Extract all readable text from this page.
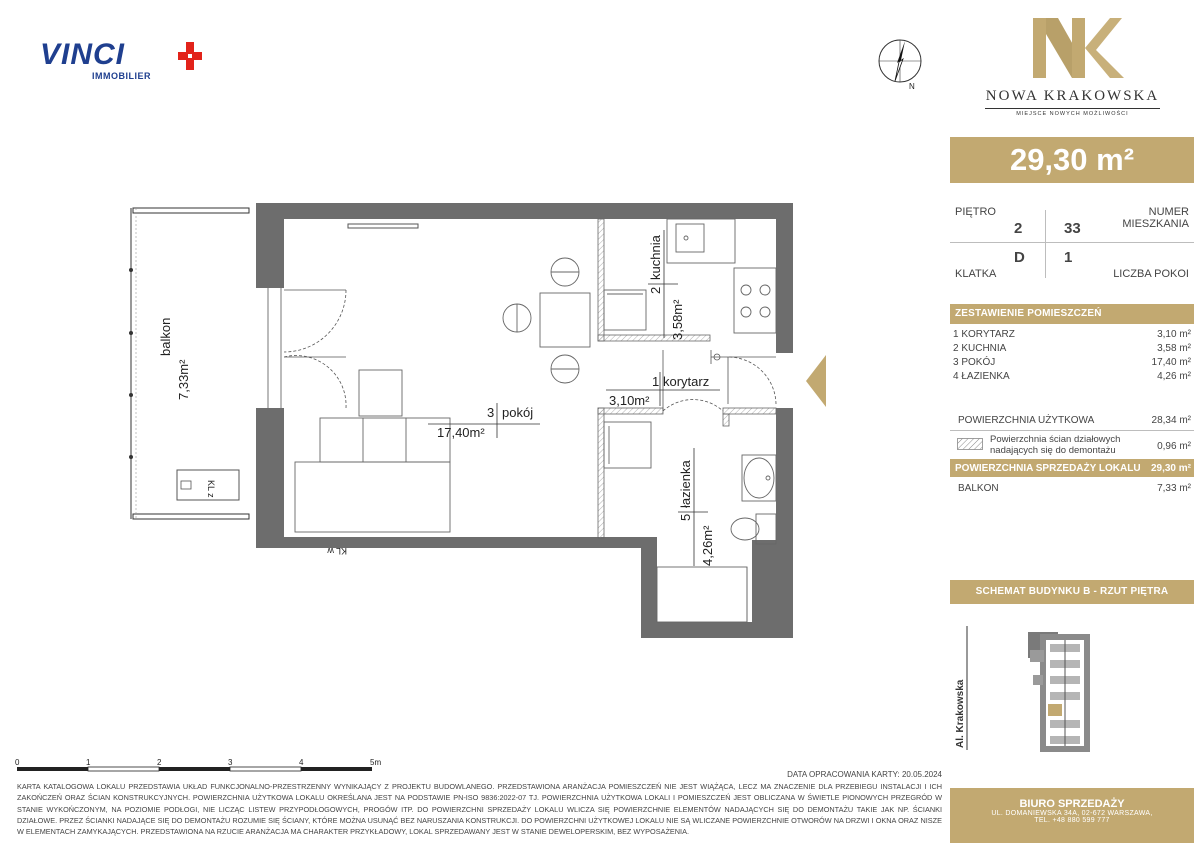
VINCI
IMMOBILIER
N
NOWA KRAKOWSKA
MIEJSCE NOWYCH MOŻLIWOŚCI
29,30 m²
PIĘTRO	NUMER MIESZKANIA
2	33
D	1
KLATKA	LICZBA POKOI
ZESTAWIENIE POMIESZCZEŃ
1 KORYTARZ	3,10 m²
2 KUCHNIA	3,58 m²
3 POKÓJ	17,40 m²
4 ŁAZIENKA	4,26 m²
POWIERZCHNIA UŻYTKOWA	28,34 m²
Powierzchnia ścian działowych
nadających się do demontażu	0,96 m²
POWIERZCHNIA SPRZEDAŻY LOKALU 29,30 m²
BALKON	7,33 m²
SCHEMAT BUDYNKU B - RZUT PIĘTRA
Al. Krakowska
KL z
balkon
7,33m²
KL w
3 pokój
17,40m²
1 korytarz
3,10m²
2
kuchnia
3,58m²
5
łazienka
4,26m²
0	1	2	3	4	5m
DATA OPRACOWANIA KARTY: 20.05.2024
KARTA KATALOGOWA LOKALU PRZEDSTAWIA UKŁAD FUNKCJONALNO-PRZESTRZENNY WYNIKAJĄCY Z PROJEKTU BUDOWLANEGO. PRZEDSTAWIONA ARANŻACJA POMIESZCZEŃ NIE JEST WIĄŻĄCA, LECZ MA ZNACZENIE DLA PRZEBIEGU INSTALACJI I ICH ZAKOŃCZEŃ ORAZ ŚCIAN KONSTRUKCYJNYCH. POWIERZCHNIA UŻYTKOWA LOKALU OKREŚLANA JEST NA PODSTAWIE PN-ISO 9836:2022-07 TJ. POWIERZCHNIA UŻYTKOWA LOKALI I POMIESZCZEŃ JEST OBLICZANA W ŚWIETLE PIONOWYCH PRZEGRÓD W STANIE WYKOŃCZONYM, NA POZIOMIE PODŁOGI, NIE LICZĄC LISTEW PRZYPODŁOGOWYCH, PROGÓW ITP. DO POWIERZCHNI SPRZEDAŻY LOKALU WLICZA SIĘ POWIERZCHNIE ELEMENTÓW NADAJĄCYCH SIĘ DO DEMONTAŻU TAKIE JAK NP. ŚCIANKI DZIAŁOWE. PRZEZ ŚCIANKI NADAJĄCE SIĘ DO DEMONTAŻU ROZUMIE SIĘ ŚCIANY, KTÓRE MOŻNA USUNĄĆ BEZ NARUSZANIA KONSTRUKCJI. DO POWIERZCHNI UŻYTKOWEJ LOKALU NIE SĄ WLICZANE POWIERZCHNIE OTWORÓW NA DRZWI I OKNA ORAZ NISZE W ELEMENTACH ZAMYKAJĄCYCH. PRZEDSTAWIONA NA RZUCIE ARANŻACJA MA CHARAKTER PRZYKŁADOWY, LOKAL SPRZEDAWANY JEST W STANIE DEWELOPERSKIM, BEZ WYPOSAŻENIA.
BIURO SPRZEDAŻY
UL. DOMANIEWSKA 34A, 02-672 WARSZAWA,
TEL. +48 880 599 777
